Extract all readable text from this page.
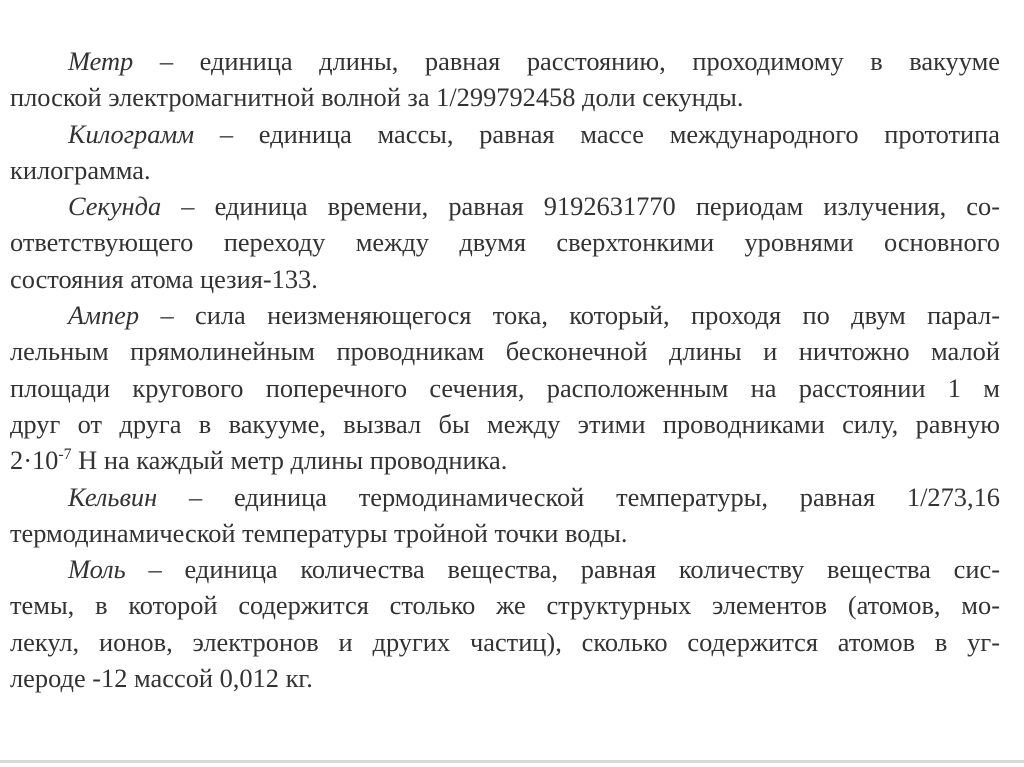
Метр – единица длины, равная расстоянию, проходимому в вакууме
плоской электромагнитной волной за 1/299792458 доли секунды.
Килограмм – единица массы, равная массе международного прототипа
килограмма.
Секунда – единица времени, равная 9192631770 периодам излучения, со-
ответствующего переходу между двумя сверхтонкими уровнями основного
состояния атома цезия-133.
Ампер – сила неизменяющегося тока, который, проходя по двум парал-
лельным прямолинейным проводникам бесконечной длины и ничтожно малой
площади кругового поперечного сечения, расположенным на расстоянии 1 м
друг от друга в вакууме, вызвал бы между этими проводниками силу, равную
$2\cdot 10^{-7}$ Н на каждый метр длины проводника.
Кельвин – единица термодинамической температуры, равная 1/273,16
термодинамической температуры тройной точки воды.
Моль – единица количества вещества, равная количеству вещества сис-
темы, в которой содержится столько же структурных элементов (атомов, мо-
лекул, ионов, электронов и других частиц), сколько содержится атомов в уг-
лероде -12 массой 0,012 кг.
